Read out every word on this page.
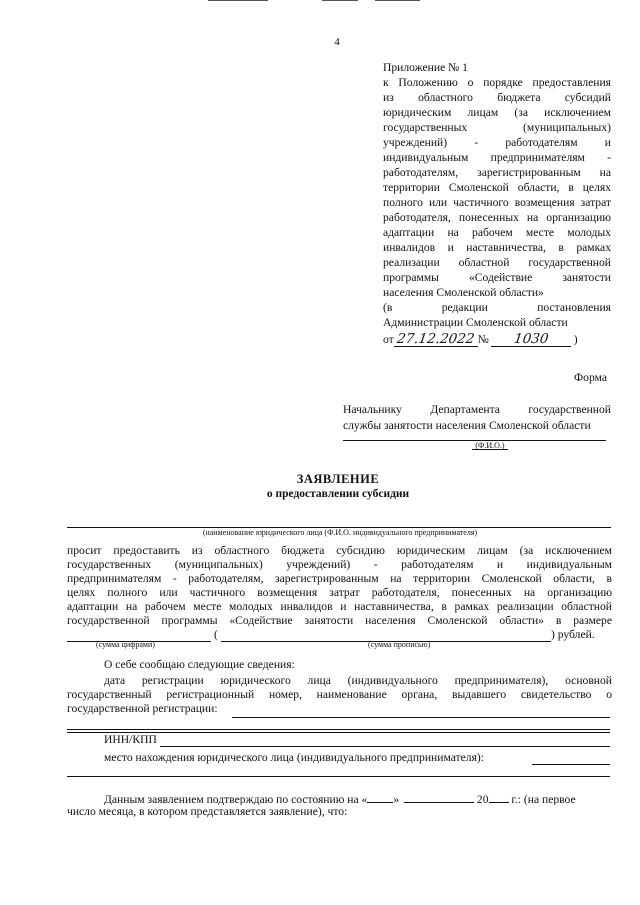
4
Приложение № 1
к Положению о порядке предоставления
из областного бюджета субсидий
юридическим лицам (за исключением
государственных (муниципальных)
учреждений) - работодателям и
индивидуальным предпринимателям -
работодателям, зарегистрированным на
территории Смоленской области, в целях
полного или частичного возмещения затрат
работодателя, понесенных на организацию
адаптации на рабочем месте молодых
инвалидов и наставничества, в рамках
реализации областной государственной
программы «Содействие занятости
населения Смоленской области»
(в редакции постановления
Администрации Смоленской области
от 27.12.2022 № 1030 )
Форма
Начальнику Департамента государственной
службы занятости населения Смоленской области
(Ф.И.О.)
ЗАЯВЛЕНИЕ
о предоставлении субсидии
(наименование юридического лица (Ф.И.О. индивидуального предпринимателя)
просит предоставить из областного бюджета субсидию юридическим лицам (за исключением
государственных (муниципальных) учреждений) - работодателям и индивидуальным
предпринимателям - работодателям, зарегистрированным на территории Смоленской области, в
целях полного или частичного возмещения затрат работодателя, понесенных на организацию
адаптации на рабочем месте молодых инвалидов и наставничества, в рамках реализации областной
государственной программы «Содействие занятости населения Смоленской области» в размере
(	) рублей.
(сумма цифрами)	(сумма прописью)
О себе сообщаю следующие сведения:
дата регистрации юридического лица (индивидуального предпринимателя), основной
государственный регистрационный номер, наименование органа, выдавшего свидетельство о
государственной регистрации:
ИНН/КПП
место нахождения юридического лица (индивидуального предпринимателя):
Данным заявлением подтверждаю по состоянию на « »	20 г.: (на первое
число месяца, в котором представляется заявление), что:
